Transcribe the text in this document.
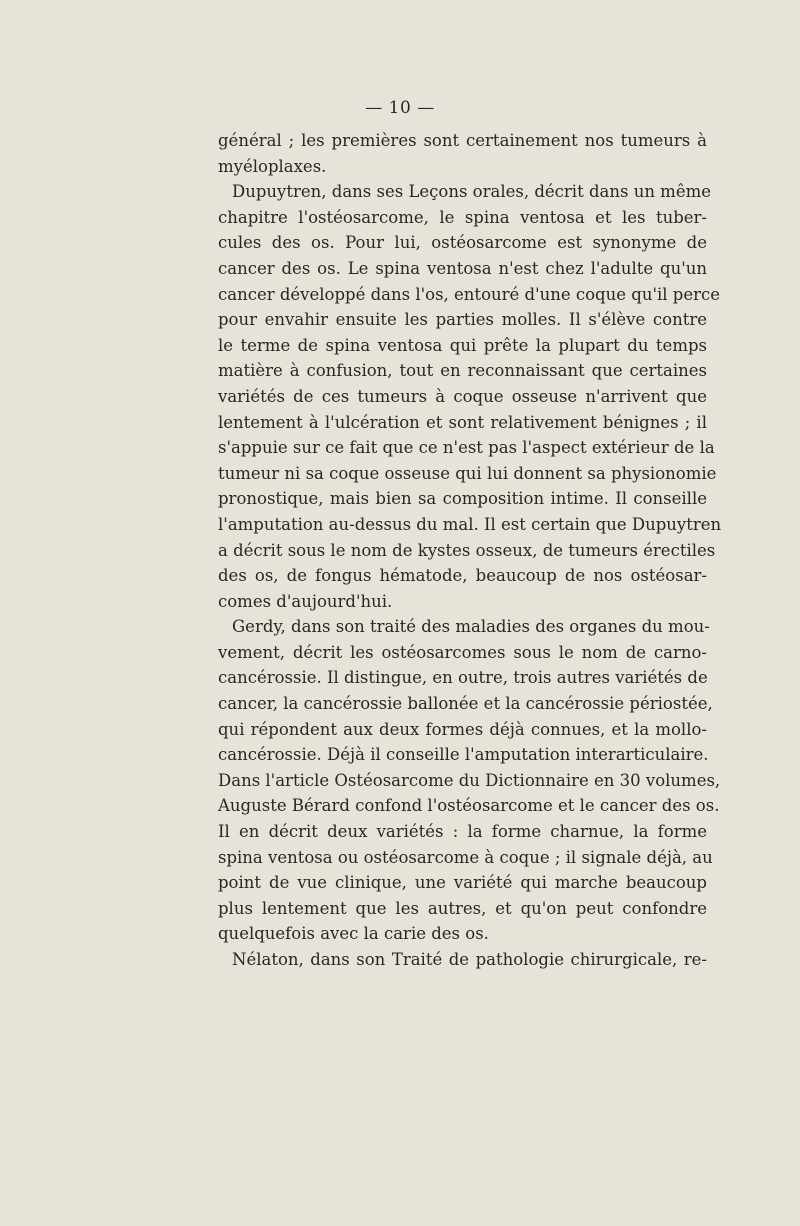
— 10 —
général ; les premières sont certainement nos tumeurs à
myéloplaxes.
Dupuytren, dans ses Leçons orales, décrit dans un même
chapitre l'ostéosarcome, le spina ventosa et les tuber-
cules des os. Pour lui, ostéosarcome est synonyme de
cancer des os. Le spina ventosa n'est chez l'adulte qu'un
cancer développé dans l'os, entouré d'une coque qu'il perce
pour envahir ensuite les parties molles. Il s'élève contre
le terme de spina ventosa qui prête la plupart du temps
matière à confusion, tout en reconnaissant que certaines
variétés de ces tumeurs à coque osseuse n'arrivent que
lentement à l'ulcération et sont relativement bénignes ; il
s'appuie sur ce fait que ce n'est pas l'aspect extérieur de la
tumeur ni sa coque osseuse qui lui donnent sa physionomie
pronostique, mais bien sa composition intime. Il conseille
l'amputation au-dessus du mal. Il est certain que Dupuytren
a décrit sous le nom de kystes osseux, de tumeurs érectiles
des os, de fongus hématode, beaucoup de nos ostéosar-
comes d'aujourd'hui.
Gerdy, dans son traité des maladies des organes du mou-
vement, décrit les ostéosarcomes sous le nom de carno-
cancérossie. Il distingue, en outre, trois autres variétés de
cancer, la cancérossie ballonée et la cancérossie périostée,
qui répondent aux deux formes déjà connues, et la mollo-
cancérossie. Déjà il conseille l'amputation interarticulaire.
Dans l'article Ostéosarcome du Dictionnaire en 30 volumes,
Auguste Bérard confond l'ostéosarcome et le cancer des os.
Il en décrit deux variétés : la forme charnue, la forme
spina ventosa ou ostéosarcome à coque ; il signale déjà, au
point de vue clinique, une variété qui marche beaucoup
plus lentement que les autres, et qu'on peut confondre
quelquefois avec la carie des os.
Nélaton, dans son Traité de pathologie chirurgicale, re-
